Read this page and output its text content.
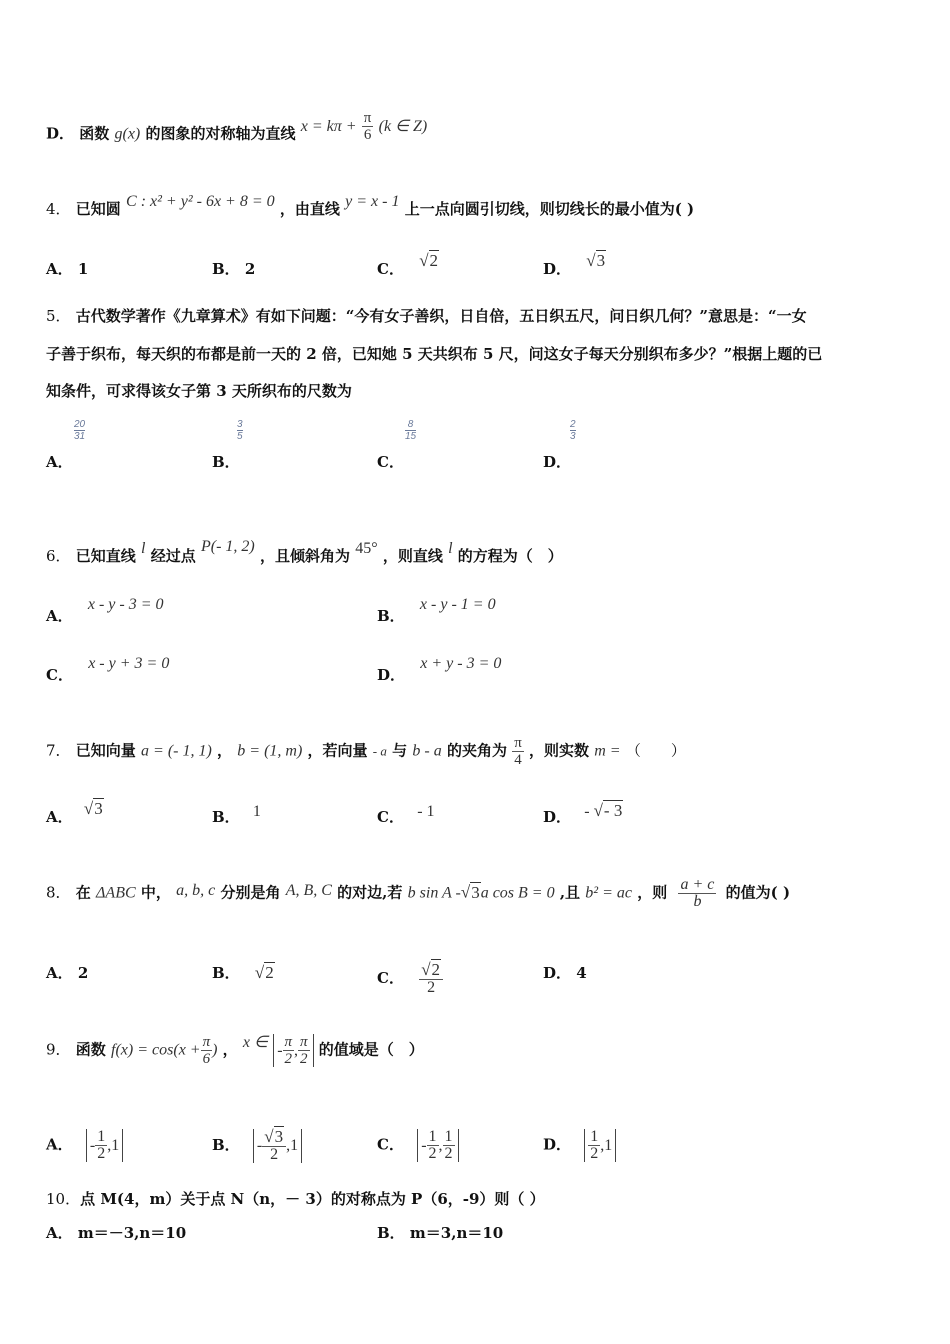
D． 函数 g(x) 的图象的对称轴为直线 $x = k\pi + \frac{\pi}{6} (k$ ∈ Z)
4． 已知圆 C : x² + y² - 6x + 8 = 0 ，由直线 y = x - 1 上一点向圆引切线，则切线长的最小值为( )
A． 1	B． 2	C． √2	D． √3
5． 古代数学著作《九章算术》有如下问题：“今有女子善织，日自倍，五日织五尺，问日织几何？”意思是：“一女
子善于织布，每天织的布都是前一天的 2 倍，已知她 5 天共织布 5 尺，问这女子每天分别织布多少？”根据上题的已
知条件，可求得该女子第 3 天所织布的尺数为
A．
$\frac{20}{31}$
B．
$\frac{3}{5}$
C．
$\frac{8}{15}$
D．
$\frac{2}{3}$
6． 已知直线 l 经过点 P(- 1, 2) ，且倾斜角为 45° ，则直线 l 的方程为（　）
A． x - y - 3 = 0
B． x - y - 1 = 0
C． x - y + 3 = 0
D． x + y - 3 = 0
7． 已知向量 a = (- 1, 1) ， b = (1, m) ，若向量 - a 与 b - a 的夹角为 $\frac{\pi}{4}$ ，则实数 m = （　　）
A． √3	B． 1	C． - 1	D． - √- 3
8． 在 ΔABC 中， a, b, c 分别是角 A, B, C 的对边,若 b sin A -√3a cos B = 0 ,且 b² = ac ，则 $\frac{a + c}{b}$ 的值为( )
A． 2	B． √2	C． $\frac{√2}{2}$	D． 4
9． 函数 $f(x) = \cos(x + \frac{\pi}{6}$ ) ， x ∈ - $\frac{\pi}{2}$ , $\frac{\pi}{2}$ 的值域是（　）
A． - $\frac{1}{2} ,1$	B． - $\frac{√3}{2} ,1$	C． - $\frac{1}{2}$ , $\frac{1}{2}$	D． $\frac{1}{2} ,1$
10．点 M(4，m）关于点 N（n，－ 3）的对称点为 P（6，-9）则（ ）
A． m＝－3,n＝10	B． m＝3,n＝10
